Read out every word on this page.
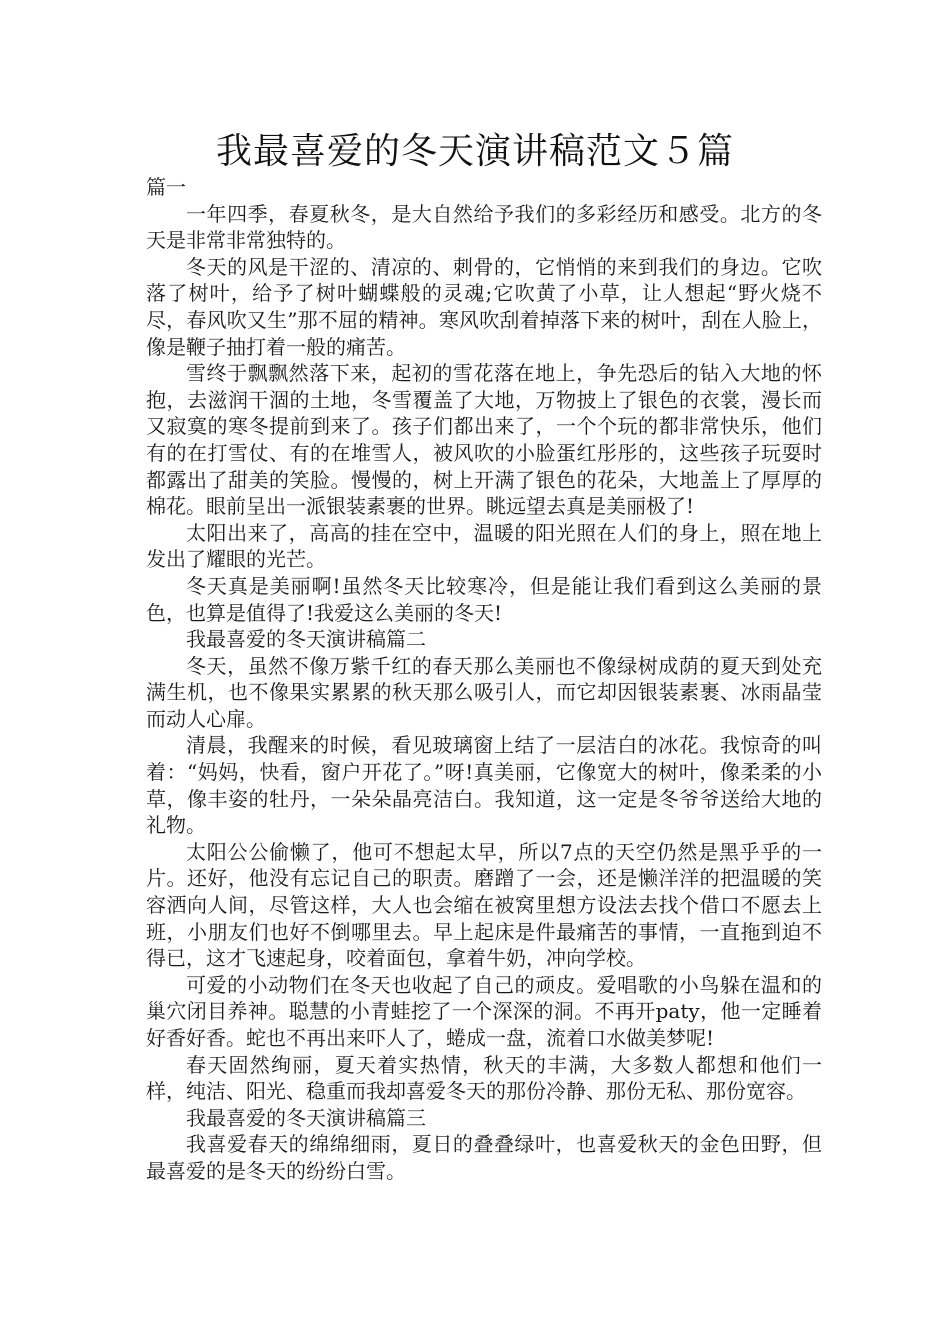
我最喜爱的冬天演讲稿范文５篇

篇一

一年四季，春夏秋冬，是大自然给予我们的多彩经历和感受。北方的冬天是非常非常独特的。

冬天的风是干涩的、清凉的、刺骨的，它悄悄的来到我们的身边。它吹落了树叶，给予了树叶蝴蝶般的灵魂;它吹黄了小草，让人想起“野火烧不尽，春风吹又生”那不屈的精神。寒风吹刮着掉落下来的树叶，刮在人脸上，像是鞭子抽打着一般的痛苦。

雪终于飘飘然落下来，起初的雪花落在地上，争先恐后的钻入大地的怀抱，去滋润干涸的土地，冬雪覆盖了大地，万物披上了银色的衣裳，漫长而又寂寞的寒冬提前到来了。孩子们都出来了，一个个玩的都非常快乐，他们有的在打雪仗、有的在堆雪人，被风吹的小脸蛋红彤彤的，这些孩子玩耍时都露出了甜美的笑脸。慢慢的，树上开满了银色的花朵，大地盖上了厚厚的棉花。眼前呈出一派银装素裹的世界。眺远望去真是美丽极了!

太阳出来了，高高的挂在空中，温暖的阳光照在人们的身上，照在地上发出了耀眼的光芒。

冬天真是美丽啊!虽然冬天比较寒冷，但是能让我们看到这么美丽的景色，也算是值得了!我爱这么美丽的冬天!

我最喜爱的冬天演讲稿篇二

冬天，虽然不像万紫千红的春天那么美丽也不像绿树成荫的夏天到处充满生机，也不像果实累累的秋天那么吸引人，而它却因银装素裹、冰雨晶莹而动人心扉。

清晨，我醒来的时候，看见玻璃窗上结了一层洁白的冰花。我惊奇的叫着：“妈妈，快看，窗户开花了。”呀!真美丽，它像宽大的树叶，像柔柔的小草，像丰姿的牡丹，一朵朵晶亮洁白。我知道，这一定是冬爷爷送给大地的礼物。

太阳公公偷懒了，他可不想起太早，所以7点的天空仍然是黑乎乎的一片。还好，他没有忘记自己的职责。磨蹭了一会，还是懒洋洋的把温暖的笑容洒向人间，尽管这样，大人也会缩在被窝里想方设法去找个借口不愿去上班，小朋友们也好不倒哪里去。早上起床是件最痛苦的事情，一直拖到迫不得已，这才飞速起身，咬着面包，拿着牛奶，冲向学校。

可爱的小动物们在冬天也收起了自己的顽皮。爱唱歌的小鸟躲在温和的巢穴闭目养神。聪慧的小青蛙挖了一个深深的洞。不再开paty，他一定睡着好香好香。蛇也不再出来吓人了，蜷成一盘，流着口水做美梦呢!

春天固然绚丽，夏天着实热情，秋天的丰满，大多数人都想和他们一样，纯洁、阳光、稳重而我却喜爱冬天的那份冷静、那份无私、那份宽容。

我最喜爱的冬天演讲稿篇三

我喜爱春天的绵绵细雨，夏日的叠叠绿叶，也喜爱秋天的金色田野，但最喜爱的是冬天的纷纷白雪。
